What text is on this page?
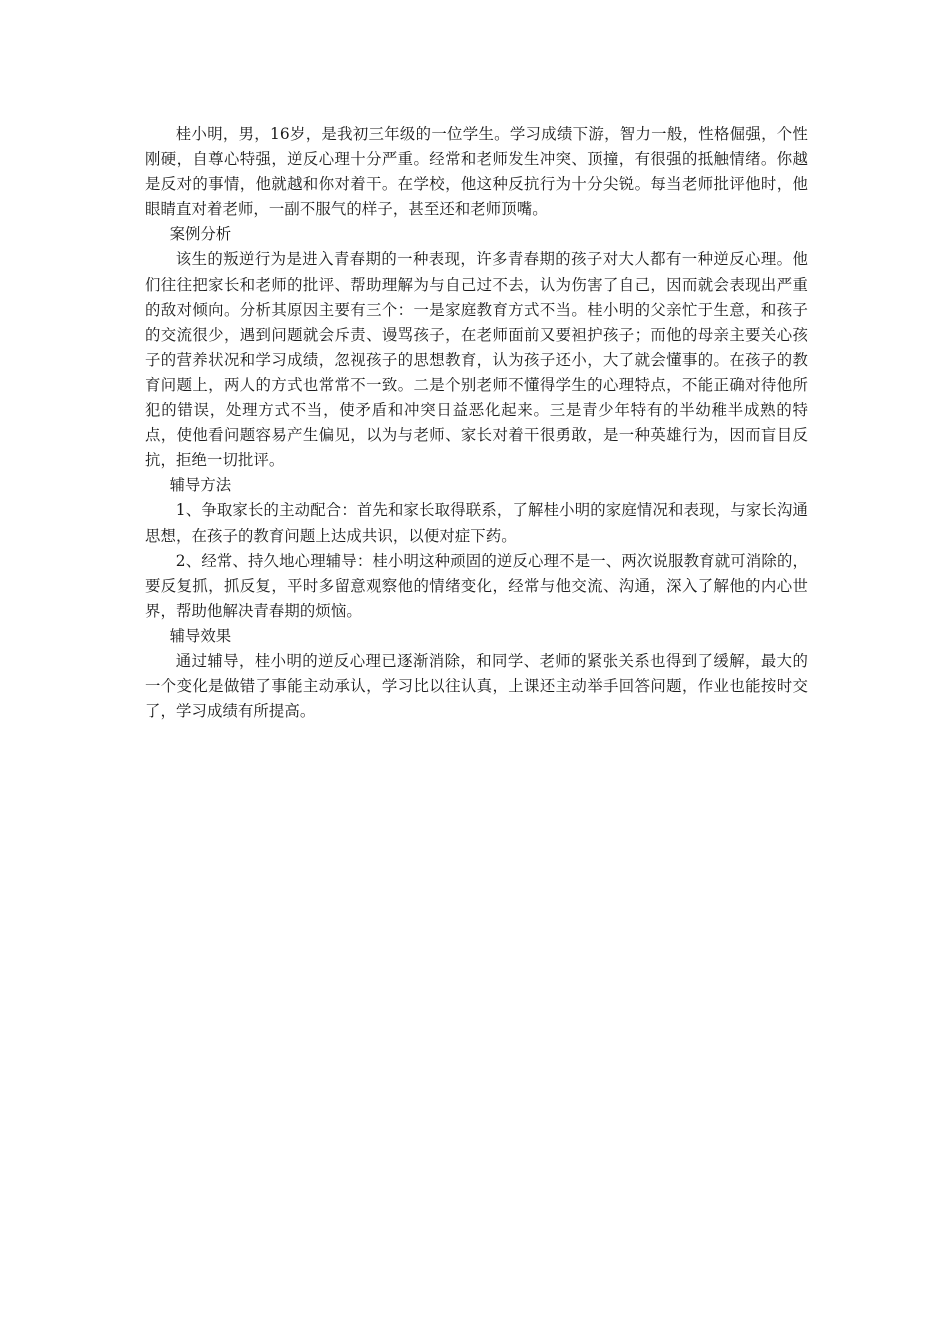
桂小明，男，16岁，是我初三年级的一位学生。学习成绩下游，智力一般，性格倔强，个性刚硬，自尊心特强，逆反心理十分严重。经常和老师发生冲突、顶撞，有很强的抵触情绪。你越是反对的事情，他就越和你对着干。在学校，他这种反抗行为十分尖锐。每当老师批评他时，他眼睛直对着老师，一副不服气的样子，甚至还和老师顶嘴。

案例分析

该生的叛逆行为是进入青春期的一种表现，许多青春期的孩子对大人都有一种逆反心理。他们往往把家长和老师的批评、帮助理解为与自己过不去，认为伤害了自己，因而就会表现出严重的敌对倾向。分析其原因主要有三个：一是家庭教育方式不当。桂小明的父亲忙于生意，和孩子的交流很少，遇到问题就会斥责、谩骂孩子，在老师面前又要袒护孩子；而他的母亲主要关心孩子的营养状况和学习成绩，忽视孩子的思想教育，认为孩子还小，大了就会懂事的。在孩子的教育问题上，两人的方式也常常不一致。二是个别老师不懂得学生的心理特点，不能正确对待他所犯的错误，处理方式不当，使矛盾和冲突日益恶化起来。三是青少年特有的半幼稚半成熟的特点，使他看问题容易产生偏见，以为与老师、家长对着干很勇敢，是一种英雄行为，因而盲目反抗，拒绝一切批评。

辅导方法

1、争取家长的主动配合：首先和家长取得联系，了解桂小明的家庭情况和表现，与家长沟通思想，在孩子的教育问题上达成共识，以便对症下药。

2、经常、持久地心理辅导：桂小明这种顽固的逆反心理不是一、两次说服教育就可消除的，要反复抓，抓反复，平时多留意观察他的情绪变化，经常与他交流、沟通，深入了解他的内心世界，帮助他解决青春期的烦恼。

辅导效果

通过辅导，桂小明的逆反心理已逐渐消除，和同学、老师的紧张关系也得到了缓解，最大的一个变化是做错了事能主动承认，学习比以往认真，上课还主动举手回答问题，作业也能按时交了，学习成绩有所提高。
